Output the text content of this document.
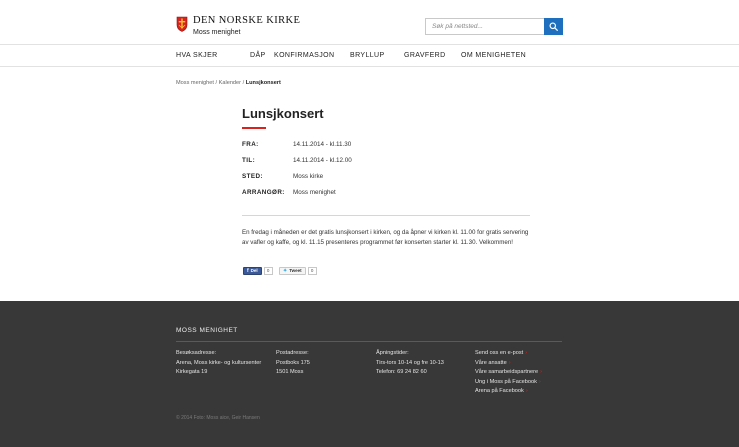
DEN NORSKE KIRKE
Moss menighet
Søk på nettsted...
HVA SKJER	DÅP KONFIRMASJON BRYLLUP	GRAVFERD OM MENIGHETEN
Moss menighet / Kalender / Lunsjkonsert
Lunsjkonsert
FRA:	14.11.2014 - kl.11.30
TIL:	14.11.2014 - kl.12.00
STED:	Moss kirke
ARRANGØR: Moss menighet

En fredag i måneden er det gratis lunsjkonsert i kirken, og da åpner vi kirken kl. 11.00 for gratis servering av vafler og kaffe, og kl. 11.15 presenteres programmet før konserten starter kl. 11.30. Velkommen!

f Del	0	✦ Tweet	0
MOSS MENIGHET
Besøksadresse:
Arena, Moss kirke- og kultursenter
Kirkegata 19
Postadresse:
Postboks 175
1501 Moss
Åpningstider:
Tirs-tors 10-14 og fre 10-13
Telefon: 69 24 82 60
Send oss en e-post ›
Våre ansatte ›
Våre samarbeidspartnere ›
Ung i Moss på Facebook ›
Arena på Facebook ›
© 2014 Foto: Moss aice, Geir Hansen
